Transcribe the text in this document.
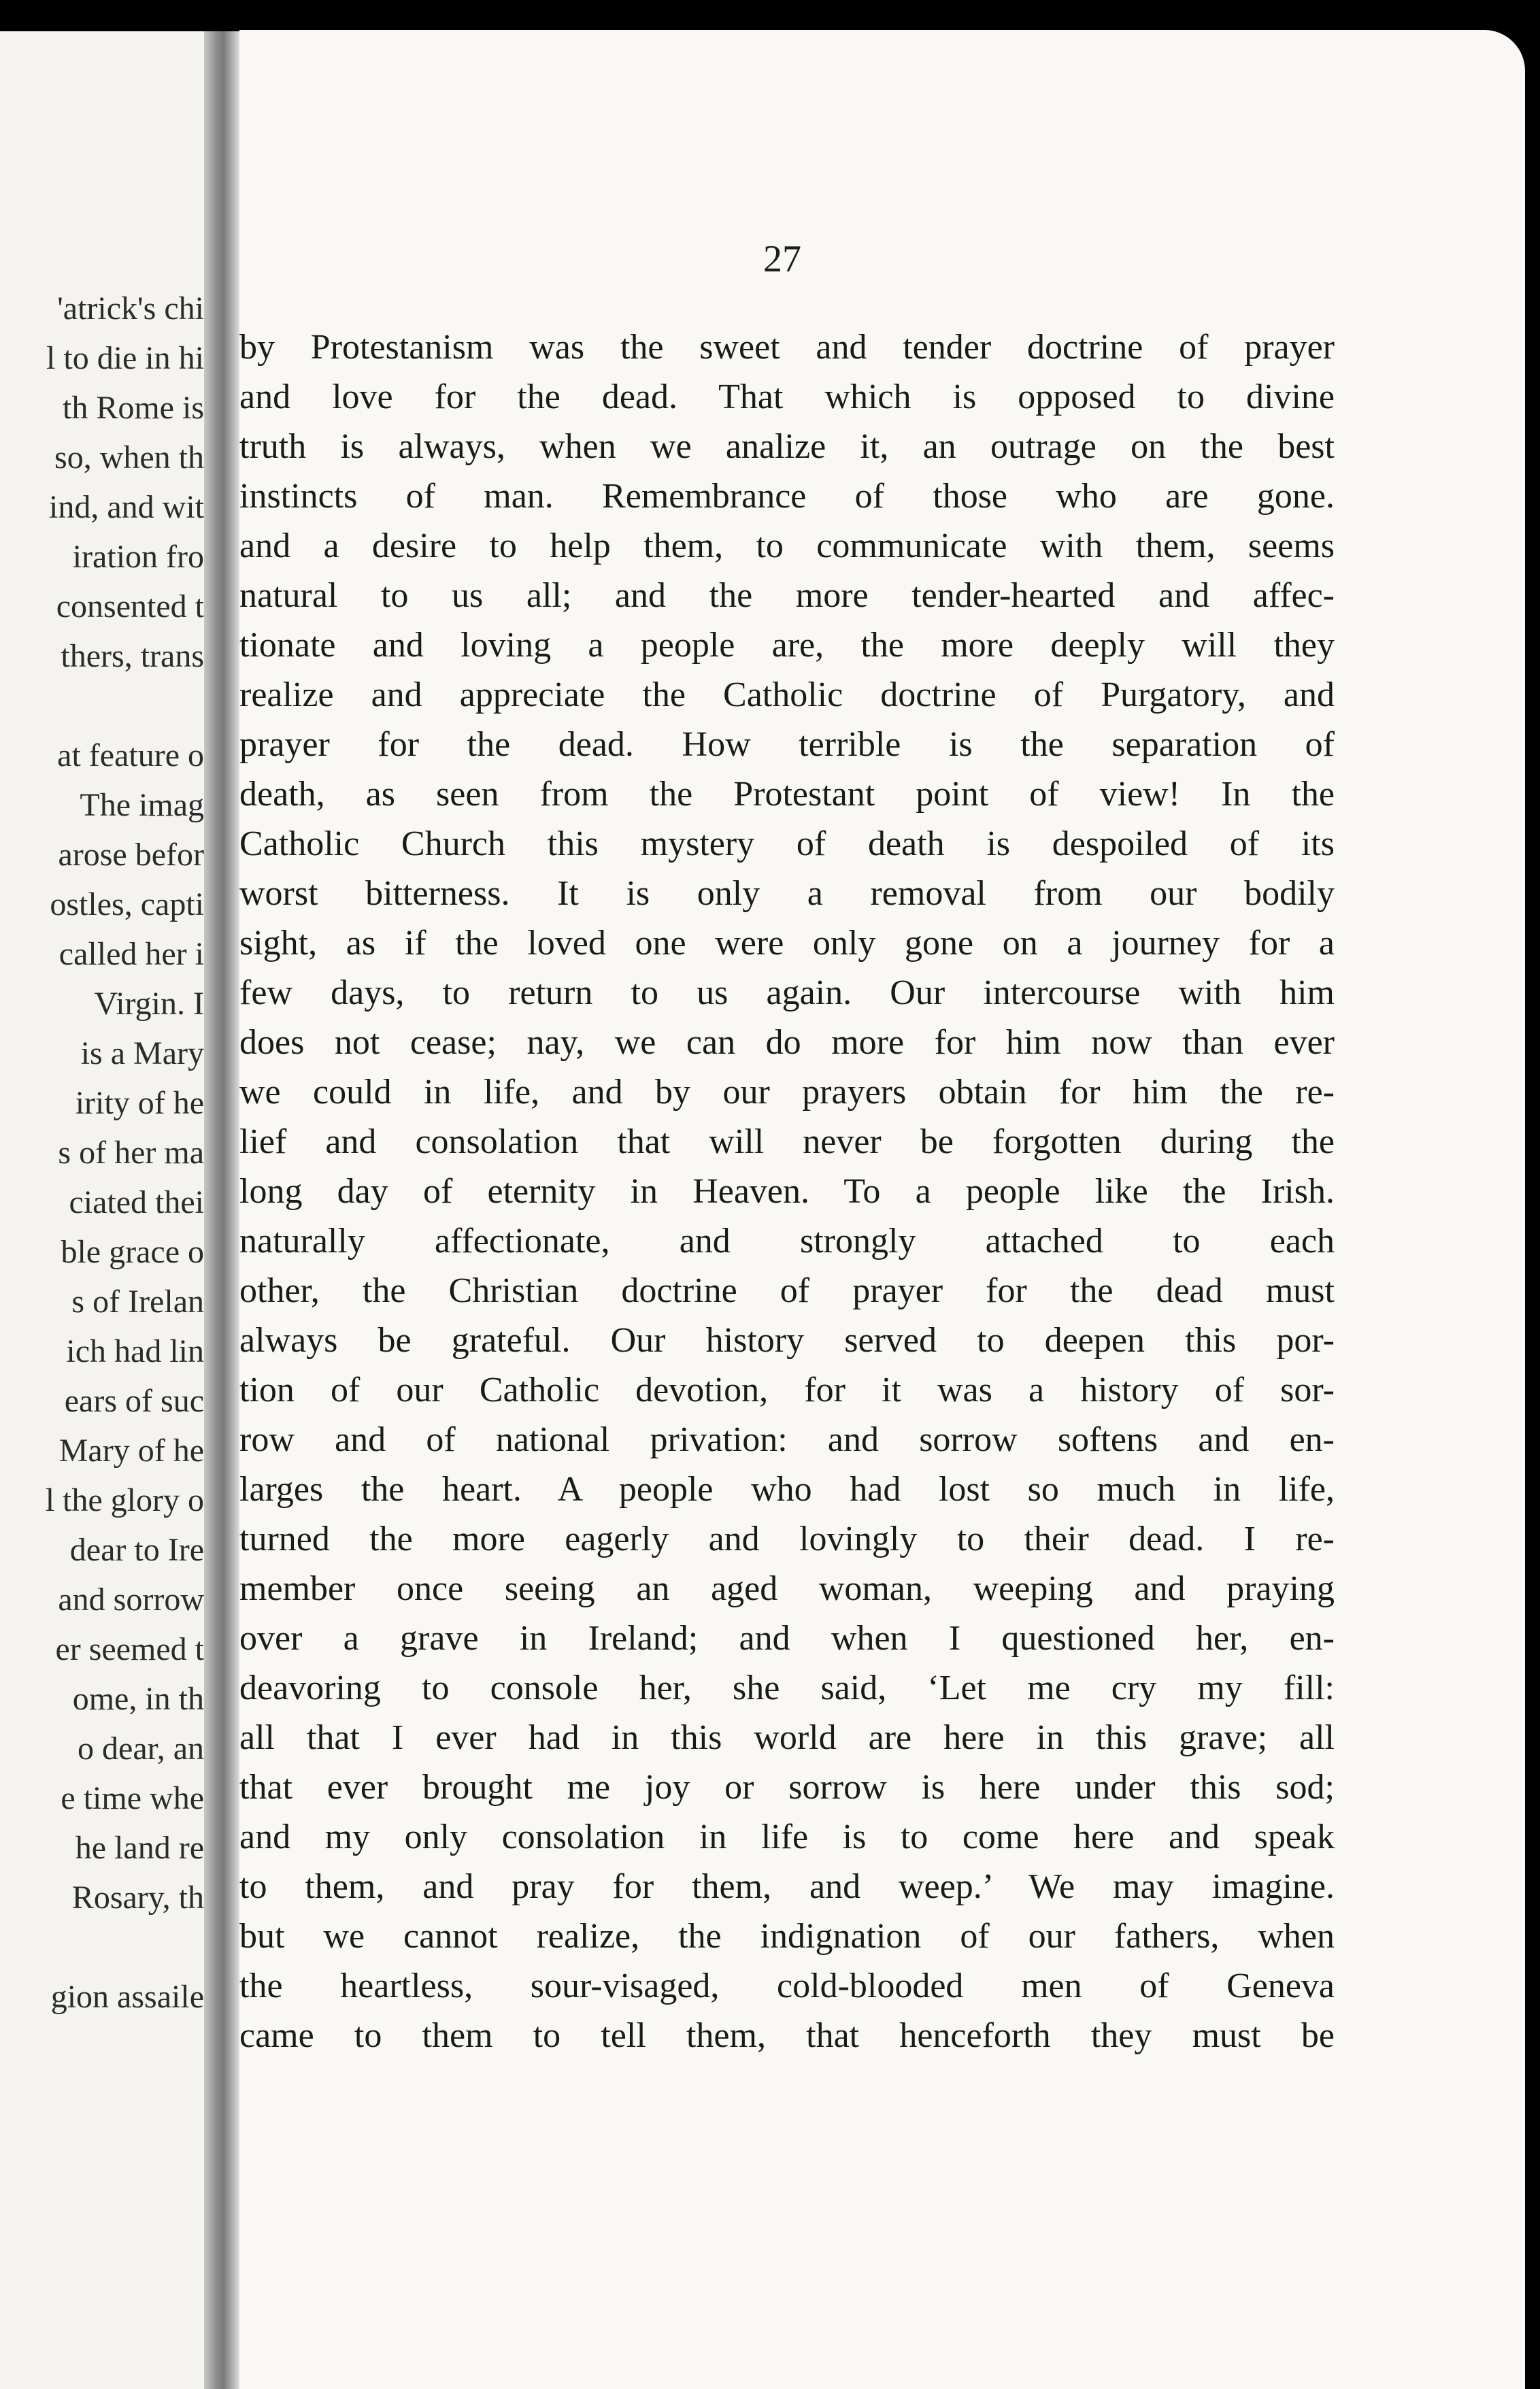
'atrick's chi
l to die in hi
th Rome is
so, when th
ind, and wit
iration fro
consented t
thers, trans
at feature o
The imag
arose befor
ostles, capti
called her i
Virgin. I
is a Mary
irity of he
s of her ma
ciated thei
ble grace o
s of Irelan
ich had lin
ears of suc
Mary of he
l the glory o
dear to Ire
and sorrow
er seemed t
ome, in th
o dear, an
e time whe
he land re
Rosary, th
gion assaile
27
by Protestanism was the sweet and tender doctrine of prayer
and love for the dead. That which is opposed to divine
truth is always, when we analize it, an outrage on the best
instincts of man. Remembrance of those who are gone.
and a desire to help them, to communicate with them, seems
natural to us all; and the more tender-hearted and affec-
tionate and loving a people are, the more deeply will they
realize and appreciate the Catholic doctrine of Purgatory, and
prayer for the dead. How terrible is the separation of
death, as seen from the Protestant point of view! In the
Catholic Church this mystery of death is despoiled of its
worst bitterness. It is only a removal from our bodily
sight, as if the loved one were only gone on a journey for a
few days, to return to us again. Our intercourse with him
does not cease; nay, we can do more for him now than ever
we could in life, and by our prayers obtain for him the re-
lief and consolation that will never be forgotten during the
long day of eternity in Heaven. To a people like the Irish.
naturally affectionate, and strongly attached to each
other, the Christian doctrine of prayer for the dead must
always be grateful. Our history served to deepen this por-
tion of our Catholic devotion, for it was a history of sor-
row and of national privation: and sorrow softens and en-
larges the heart. A people who had lost so much in life,
turned the more eagerly and lovingly to their dead. I re-
member once seeing an aged woman, weeping and praying
over a grave in Ireland; and when I questioned her, en-
deavoring to console her, she said, ‘Let me cry my fill:
all that I ever had in this world are here in this grave; all
that ever brought me joy or sorrow is here under this sod;
and my only consolation in life is to come here and speak
to them, and pray for them, and weep.’ We may imagine.
but we cannot realize, the indignation of our fathers, when
the heartless, sour-visaged, cold-blooded men of Geneva
came to them to tell them, that henceforth they must be
